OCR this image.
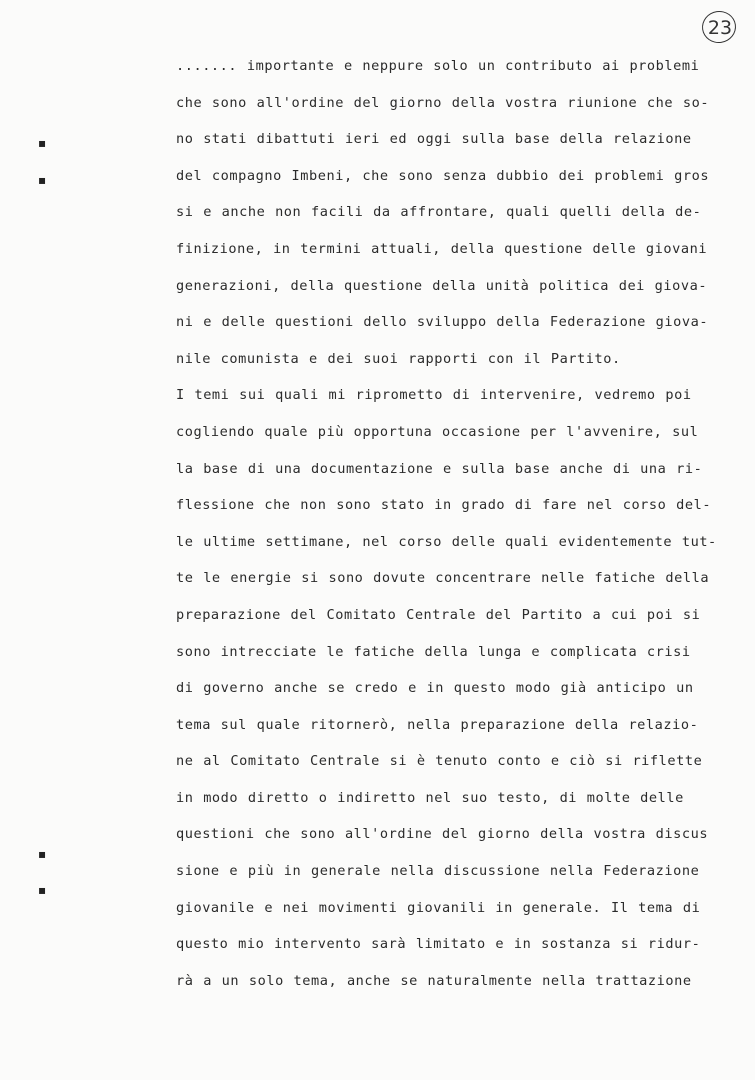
23
▪
▪
▪
▪
....... importante e neppure solo un contributo ai problemi
che sono all'ordine del giorno della vostra riunione che so-
no stati dibattuti ieri ed oggi sulla base della relazione
del compagno Imbeni, che sono senza dubbio dei problemi gros
si e anche non facili da affrontare, quali quelli della de-
finizione, in termini attuali, della questione delle giovani
generazioni, della questione della unità politica dei giova-
ni e delle questioni dello sviluppo della Federazione giova-
nile comunista e dei suoi rapporti con il Partito.
I temi sui quali mi riprometto di intervenire, vedremo poi
cogliendo quale più opportuna occasione per l'avvenire, sul
la base di una documentazione e sulla base anche di una ri-
flessione che non sono stato in grado di fare nel corso del-
le ultime settimane, nel corso delle quali evidentemente tut-
te le energie si sono dovute concentrare nelle fatiche della
preparazione del Comitato Centrale del Partito a cui poi si
sono intrecciate le fatiche della lunga e complicata crisi
di governo anche se credo e in questo modo già anticipo un
tema sul quale ritornerò, nella preparazione della relazio-
ne al Comitato Centrale si è tenuto conto e ciò si riflette
in modo diretto o indiretto nel suo testo, di molte delle
questioni che sono all'ordine del giorno della vostra discus
sione e più in generale nella discussione nella Federazione
giovanile e nei movimenti giovanili in generale. Il tema di
questo mio intervento sarà limitato e in sostanza si ridur-
rà a un solo tema, anche se naturalmente nella trattazione
